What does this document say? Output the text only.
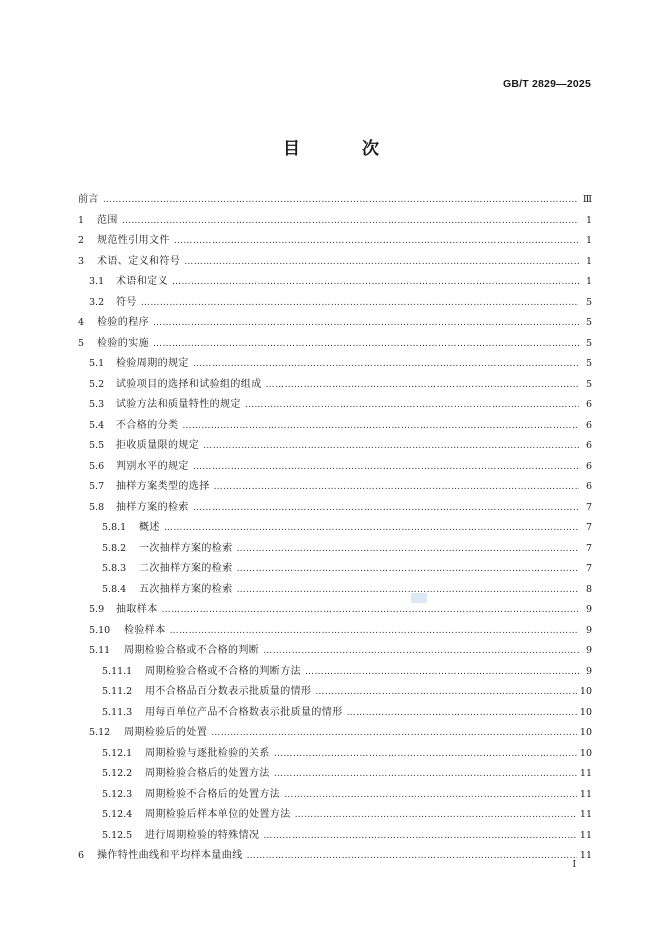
GB/T 2829—2025
目 次
前言 ………………………………………………………………………………………………………………………………………………………………………………………………………………………………	Ⅲ
1	范围 ………………………………………………………………………………………………………………………………………………………………………………………………………………………………	1
2	规范性引用文件 ………………………………………………………………………………………………………………………………………………………………………………………………………………………………	1
3	术语、定义和符号 ………………………………………………………………………………………………………………………………………………………………………………………………………………………………	1
3.1	术语和定义 ………………………………………………………………………………………………………………………………………………………………………………………………………………………………	1
3.2	符号 ………………………………………………………………………………………………………………………………………………………………………………………………………………………………	5
4	检验的程序 ………………………………………………………………………………………………………………………………………………………………………………………………………………………………	5
5	检验的实施 ………………………………………………………………………………………………………………………………………………………………………………………………………………………………	5
5.1	检验周期的规定 ………………………………………………………………………………………………………………………………………………………………………………………………………………………………	5
5.2	试验项目的选择和试验组的组成 ………………………………………………………………………………………………………………………………………………………………………………………………………………………………	5
5.3	试验方法和质量特性的规定 ………………………………………………………………………………………………………………………………………………………………………………………………………………………………	6
5.4	不合格的分类 ………………………………………………………………………………………………………………………………………………………………………………………………………………………………	6
5.5	拒收质量限的规定 ………………………………………………………………………………………………………………………………………………………………………………………………………………………………	6
5.6	判别水平的规定 ………………………………………………………………………………………………………………………………………………………………………………………………………………………………	6
5.7	抽样方案类型的选择 ………………………………………………………………………………………………………………………………………………………………………………………………………………………………	6
5.8	抽样方案的检索 ………………………………………………………………………………………………………………………………………………………………………………………………………………………………	7
5.8.1	概述 ………………………………………………………………………………………………………………………………………………………………………………………………………………………………	7
5.8.2	一次抽样方案的检索 ………………………………………………………………………………………………………………………………………………………………………………………………………………………………	7
5.8.3	二次抽样方案的检索 ………………………………………………………………………………………………………………………………………………………………………………………………………………………………	7
5.8.4	五次抽样方案的检索 ………………………………………………………………………………………………………………………………………………………………………………………………………………………………	8
5.9	抽取样本 ………………………………………………………………………………………………………………………………………………………………………………………………………………………………	9
5.10	检验样本 ………………………………………………………………………………………………………………………………………………………………………………………………………………………………	9
5.11	周期检验合格或不合格的判断 ………………………………………………………………………………………………………………………………………………………………………………………………………………………………	9
5.11.1	周期检验合格或不合格的判断方法 ………………………………………………………………………………………………………………………………………………………………………………………………………………………………	9
5.11.2	用不合格品百分数表示批质量的情形 ………………………………………………………………………………………………………………………………………………………………………………………………………………………………	10
5.11.3	用每百单位产品不合格数表示批质量的情形 ………………………………………………………………………………………………………………………………………………………………………………………………………………………………	10
5.12	周期检验后的处置 ………………………………………………………………………………………………………………………………………………………………………………………………………………………………	10
5.12.1	周期检验与逐批检验的关系 ………………………………………………………………………………………………………………………………………………………………………………………………………………………………	10
5.12.2	周期检验合格后的处置方法 ………………………………………………………………………………………………………………………………………………………………………………………………………………………………	11
5.12.3	周期检验不合格后的处置方法 ………………………………………………………………………………………………………………………………………………………………………………………………………………………………	11
5.12.4	周期检验后样本单位的处置方法 ………………………………………………………………………………………………………………………………………………………………………………………………………………………………	11
5.12.5	进行周期检验的特殊情况 ………………………………………………………………………………………………………………………………………………………………………………………………………………………………	11
6	操作特性曲线和平均样本量曲线 ………………………………………………………………………………………………………………………………………………………………………………………………………………………………	11
I
